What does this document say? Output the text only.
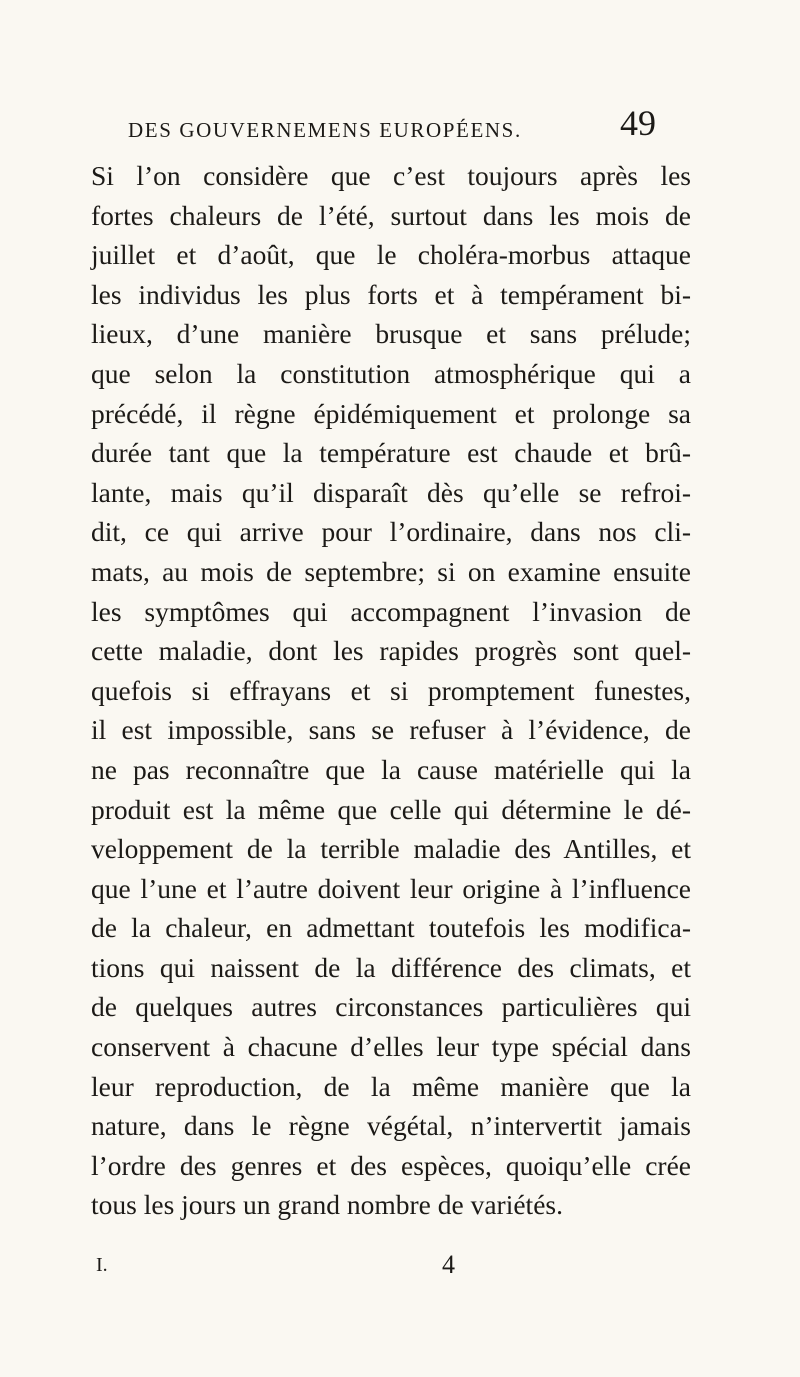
DES GOUVERNEMENS EUROPÉENS.	49
Si l’on considère que c’est toujours après les
fortes chaleurs de l’été, surtout dans les mois de
juillet et d’août, que le choléra-morbus attaque
les individus les plus forts et à tempérament bi-
lieux, d’une manière brusque et sans prélude;
que selon la constitution atmosphérique qui a
précédé, il règne épidémiquement et prolonge sa
durée tant que la température est chaude et brû-
lante, mais qu’il disparaît dès qu’elle se refroi-
dit, ce qui arrive pour l’ordinaire, dans nos cli-
mats, au mois de septembre; si on examine ensuite
les symptômes qui accompagnent l’invasion de
cette maladie, dont les rapides progrès sont quel-
quefois si effrayans et si promptement funestes,
il est impossible, sans se refuser à l’évidence, de
ne pas reconnaître que la cause matérielle qui la
produit est la même que celle qui détermine le dé-
veloppement de la terrible maladie des Antilles, et
que l’une et l’autre doivent leur origine à l’influence
de la chaleur, en admettant toutefois les modifica-
tions qui naissent de la différence des climats, et
de quelques autres circonstances particulières qui
conservent à chacune d’elles leur type spécial dans
leur reproduction, de la même manière que la
nature, dans le règne végétal, n’intervertit jamais
l’ordre des genres et des espèces, quoiqu’elle crée
tous les jours un grand nombre de variétés.
I.	4
